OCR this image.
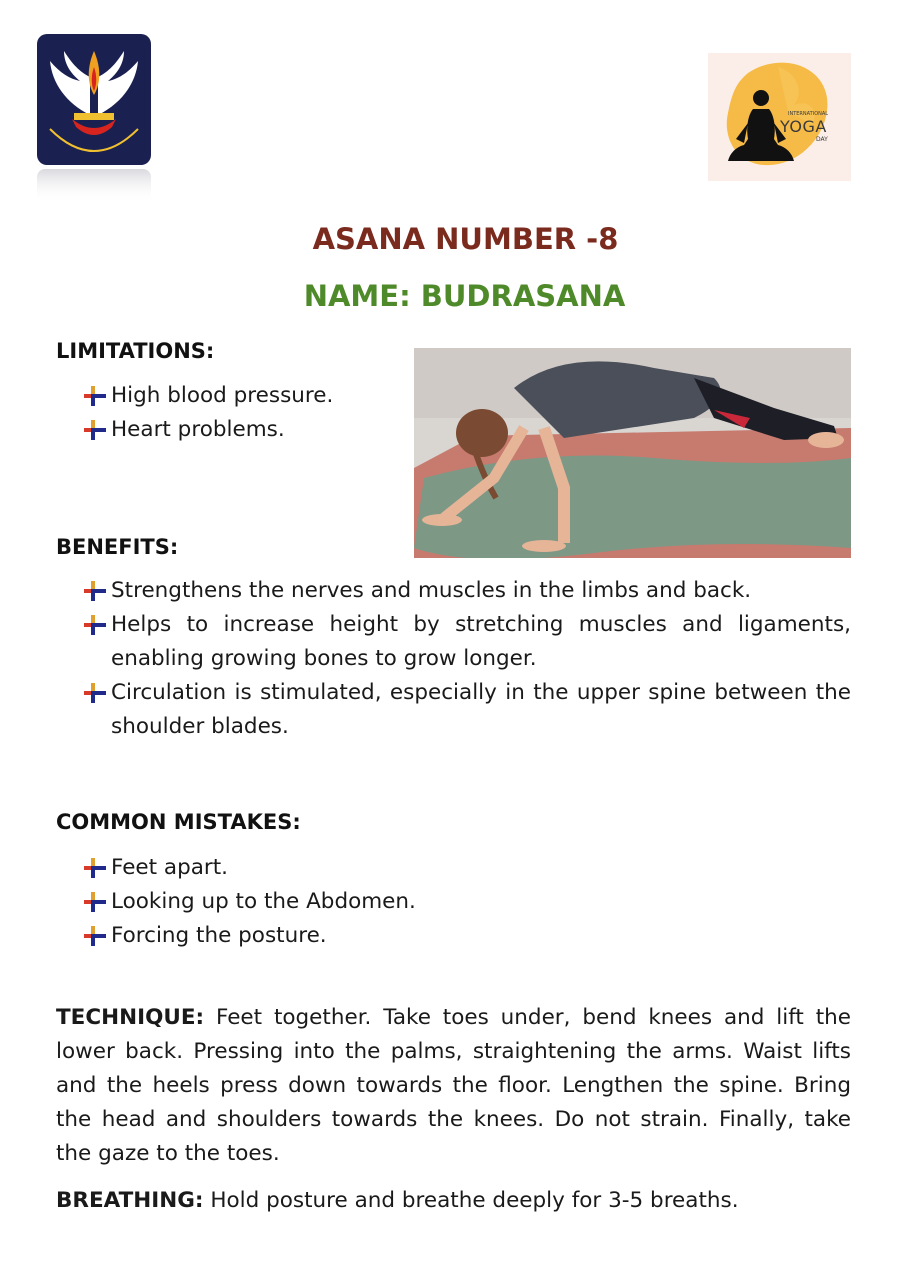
INTERNATIONAL
YOGA
DAY
ASANA NUMBER -8
NAME: BUDRASANA
LIMITATIONS:
High blood pressure.
Heart problems.
BENEFITS:
Strengthens the nerves and muscles in the limbs and back.
Helps to increase height by stretching muscles and ligaments, enabling growing bones to grow longer.
Circulation is stimulated, especially in the upper spine between the shoulder blades.
COMMON MISTAKES:
Feet apart.
Looking up to the Abdomen.
Forcing the posture.
TECHNIQUE: Feet together. Take toes under, bend knees and lift the lower back. Pressing into the palms, straightening the arms. Waist lifts and the heels press down towards the floor. Lengthen the spine. Bring the head and shoulders towards the knees. Do not strain. Finally, take the gaze to the toes.
BREATHING: Hold posture and breathe deeply for 3-5 breaths.
